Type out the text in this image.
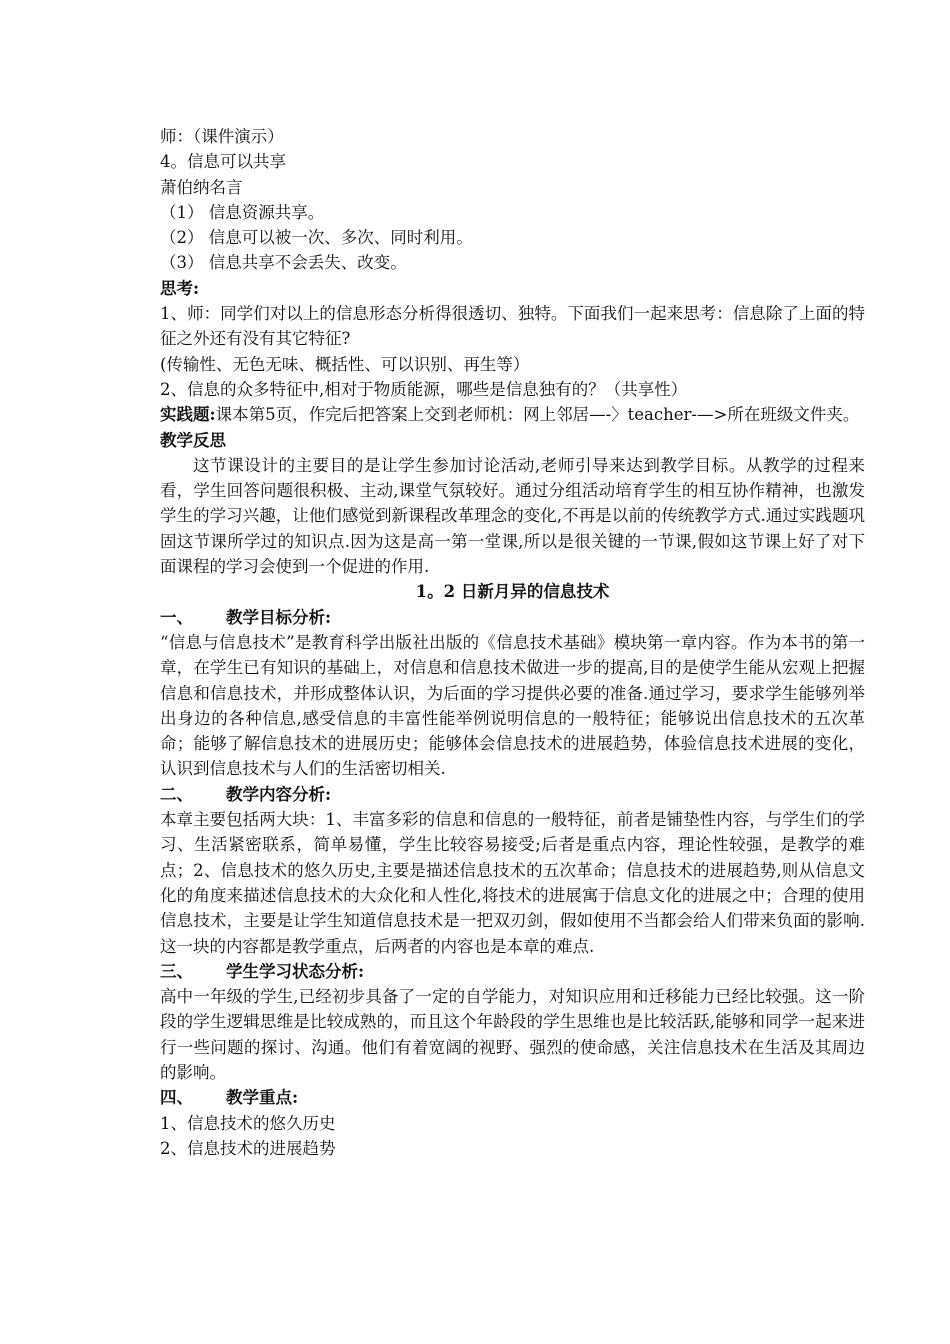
师：（课件演示）
4。信息可以共享
萧伯纳名言
（1） 信息资源共享。
（2） 信息可以被一次、多次、同时利用。
（3） 信息共享不会丢失、改变。
思考:
1、师：同学们对以上的信息形态分析得很透切、独特。下面我们一起来思考：信息除了上面的特征之外还有没有其它特征?
(传输性、无色无味、概括性、可以识别、再生等）
2、信息的众多特征中,相对于物质能源，哪些是信息独有的？（共享性）
实践题:课本第5页，作完后把答案上交到老师机：网上邻居—-〉teacher-—>所在班级文件夹。
教学反思
这节课设计的主要目的是让学生参加讨论活动,老师引导来达到教学目标。从教学的过程来看，学生回答问题很积极、主动,课堂气氛较好。通过分组活动培育学生的相互协作精神，也激发学生的学习兴趣，让他们感觉到新课程改革理念的变化,不再是以前的传统教学方式.通过实践题巩固这节课所学过的知识点.因为这是高一第一堂课,所以是很关键的一节课,假如这节课上好了对下面课程的学习会使到一个促进的作用.
1。2 日新月异的信息技术
一、 教学目标分析:
“信息与信息技术”是教育科学出版社出版的《信息技术基础》模块第一章内容。作为本书的第一章，在学生已有知识的基础上，对信息和信息技术做进一步的提高,目的是使学生能从宏观上把握信息和信息技术，并形成整体认识，为后面的学习提供必要的准备.通过学习，要求学生能够列举出身边的各种信息,感受信息的丰富性能举例说明信息的一般特征；能够说出信息技术的五次革命；能够了解信息技术的进展历史；能够体会信息技术的进展趋势，体验信息技术进展的变化，认识到信息技术与人们的生活密切相关.
二、 教学内容分析:
本章主要包括两大块：1、丰富多彩的信息和信息的一般特征，前者是铺垫性内容，与学生们的学习、生活紧密联系，简单易懂，学生比较容易接受;后者是重点内容，理论性较强，是教学的难点；2、信息技术的悠久历史,主要是描述信息技术的五次革命；信息技术的进展趋势,则从信息文化的角度来描述信息技术的大众化和人性化,将技术的进展寓于信息文化的进展之中；合理的使用信息技术，主要是让学生知道信息技术是一把双刃剑，假如使用不当都会给人们带来负面的影响.这一块的内容都是教学重点，后两者的内容也是本章的难点.
三、 学生学习状态分析:
高中一年级的学生,已经初步具备了一定的自学能力，对知识应用和迁移能力已经比较强。这一阶段的学生逻辑思维是比较成熟的，而且这个年龄段的学生思维也是比较活跃,能够和同学一起来进行一些问题的探讨、沟通。他们有着宽阔的视野、强烈的使命感，关注信息技术在生活及其周边的影响。
四、 教学重点:
1、信息技术的悠久历史
2、信息技术的进展趋势
